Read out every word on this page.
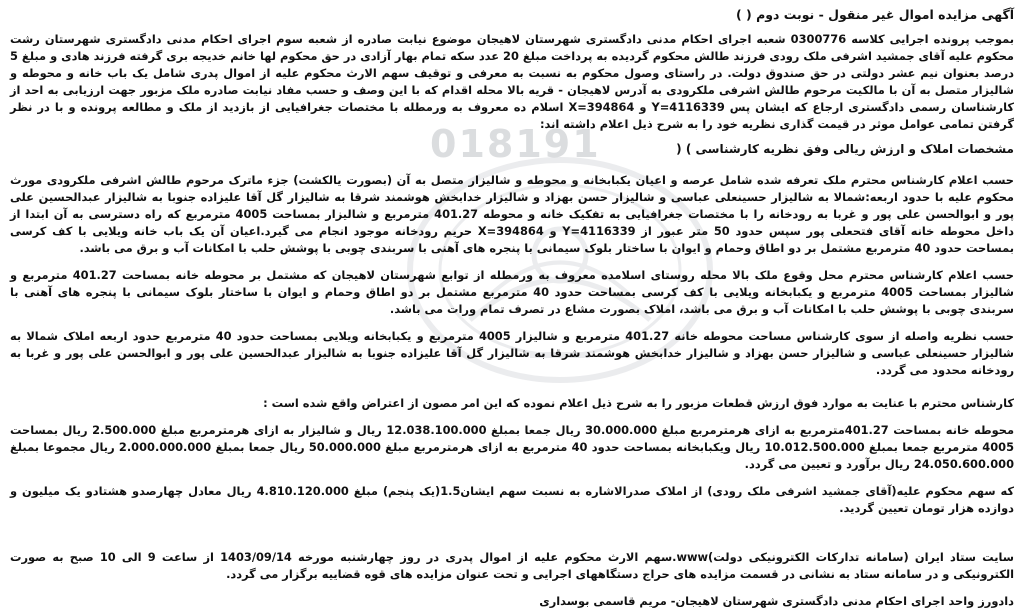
018191
آگهی مزایده اموال غیر منقول - نوبت دوم ( )

بموجب پرونده اجرایی کلاسه 0300776 شعبه اجرای احکام مدنی دادگستری شهرستان لاهیجان موضوع نیابت صادره از شعبه سوم اجرای احکام مدنی دادگستری شهرستان رشت محکوم علیه آقای جمشید اشرفی ملک رودی فرزند طالش محکوم گردیده به پرداخت مبلغ 20 عدد سکه تمام بهار آزادی در حق محکوم لها خانم خدیجه بری گرفته فرزند هادی و مبلغ 5 درصد بعنوان نیم عشر دولتی در حق صندوق دولت. در راستای وصول محکوم به نسبت به معرفی و توقیف سهم الارث محکوم علیه از اموال پدری شامل یک باب خانه و محوطه و شالیزار متصل به آن با مالکیت مرحوم طالش اشرفی ملکرودی به آدرس لاهیجان - قریه بالا محله اقدام که با این وصف و حسب مفاد نیابت صادره ملک مزبور جهت ارزیابی به احد از کارشناسان رسمی دادگستری ارجاع که ایشان پس 4116339=Y و 394864=X اسلام ده معروف به ورمطله با مختصات جغرافیایی از بازدید از ملک و مطالعه پرونده و با در نظر گرفتن تمامی عوامل موثر در قیمت گذاری نظریه خود را به شرح ذیل اعلام داشته اند:

مشخصات املاک و ارزش ریالی وفق نظریه کارشناسی ) (

حسب اعلام کارشناس محترم ملک تعرفه شده شامل عرصه و اعیان یکبابخانه و محوطه و شالیزار متصل به آن (بصورت یالکشت) جزء ماترک مرحوم طالش اشرفی ملکرودی مورث محکوم علیه با حدود اربعه:شمالا به شالیزار حسینعلی عباسی و شالیزار حسن بهزاد و شالیزار خدابخش هوشمند شرقا به شالیزار گل آقا علیزاده جنوبا به شالیزار عبدالحسین علی پور و ابوالحسن علی پور و غربا به رودخانه را با مختصات جغرافیایی به تفکیک خانه و محوطه 401.27 مترمربع و شالیزار بمساحت 4005 مترمربع که راه دسترسی به آن ابتدا از داخل محوطه خانه آقای فتحعلی پور سپس حدود 50 متر عبور از 4116339=Y و 394864=X حریم رودخانه موجود انجام می گیرد.اعیان آن یک باب خانه ویلایی با کف کرسی بمساحت حدود 40 مترمربع مشتمل بر دو اطاق وحمام و ایوان با ساختار بلوک سیمانی با پنجره های آهنی با سربندی چوبی با پوشش حلب با امکانات آب و برق می باشد.

حسب اعلام کارشناس محترم محل وقوع ملک بالا محله روستای اسلامده معروف به ورمطله از توابع شهرستان لاهیجان که مشتمل بر محوطه خانه بمساحت 401.27 مترمربع و شالیزار بمساحت 4005 مترمربع و یکبابخانه ویلایی با کف کرسی بمساحت حدود 40 مترمربع مشتمل بر دو اطاق وحمام و ایوان با ساختار بلوک سیمانی با پنجره های آهنی با سربندی چوبی با پوشش حلب با امکانات آب و برق می باشد، املاک بصورت مشاع در تصرف تمام ورات می باشد.

حسب نظریه واصله از سوی کارشناس مساحت محوطه خانه 401.27 مترمربع و شالیزار 4005 مترمربع و یکبابخانه ویلایی بمساحت حدود 40 مترمربع حدود اربعه املاک شمالا به شالیزار حسینعلی عباسی و شالیزار حسن بهزاد و شالیزار خدابخش هوشمند شرقا به شالیزار گل آقا علیزاده جنوبا به شالیزار عبدالحسین علی پور و ابوالحسن علی پور و غربا به رودخانه محدود می گردد.

کارشناس محترم با عنایت به موارد فوق ارزش قطعات مزبور را به شرح ذیل اعلام نموده که این امر مصون از اعتراض واقع شده است :

محوطه خانه بمساحت 401.27مترمربع به ازای هرمترمربع مبلغ 30.000.000 ریال جمعا بمبلغ 12.038.100.000 ریال و شالیزار به ازای هرمترمربع مبلغ 2.500.000 ریال بمساحت 4005 مترمربع جمعا بمبلغ 10.012.500.000 ریال ویکبابخانه بمساحت حدود 40 مترمربع به ازای هرمترمربع مبلغ 50.000.000 ریال جمعا بمبلغ 2.000.000.000 ریال مجموعا بمبلغ 24.050.600.000 ریال برآورد و تعیین می گردد.

که سهم محکوم علیه(آقای جمشید اشرفی ملک رودی) از املاک صدرالاشاره به نسبت سهم ایشان1.5(یک پنجم) مبلغ 4.810.120.000 ریال معادل چهارصدو هشتادو یک میلیون و دوازده هزار تومان تعیین گردید.

سایت ستاد ایران (سامانه تدارکات الکترونیکی دولت)www.سهم الارث محکوم علیه از اموال پدری در روز چهارشنبه مورخه 1403/09/14 از ساعت 9 الی 10 صبح به صورت الکترونیکی و در سامانه ستاد به نشانی در قسمت مزایده های حراج دستگاههای اجرایی و تحت عنوان مزایده های قوه قضاییه برگزار می گردد.

دادورز واحد اجرای احکام مدنی دادگستری شهرستان لاهیجان- مریم قاسمی بوسداری
